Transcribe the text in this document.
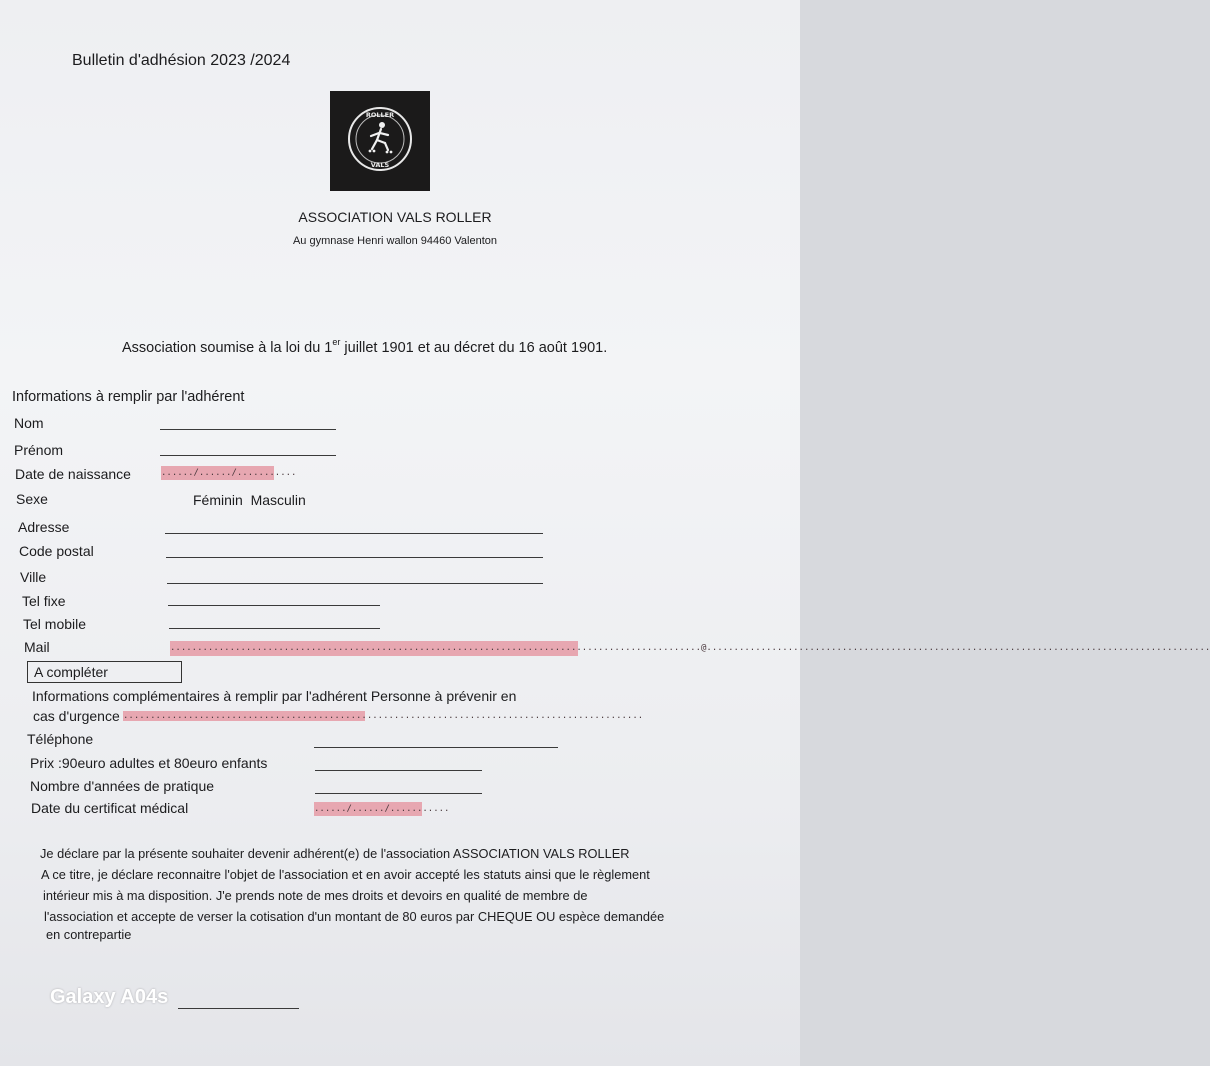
Bulletin d'adhésion 2023 /2024
ROLLER
VALS
ASSOCIATION VALS ROLLER
Au gymnase Henri wallon 94460 Valenton
Association soumise à la loi du 1er juillet 1901 et au décret du 16 août 1901.
Informations à remplir par l'adhérent
Nom
Prénom
Date de naissance	....../....../...........
Sexe	Féminin  Masculin
Adresse
Code postal
Ville
Tel fixe
Tel mobile
Mail	..................................................................................................@.............................................................................................
A compléter
Informations complémentaires à remplir par l'adhérent Personne à prévenir en
cas d'urgence ................................................................................................
Téléphone
Prix :90euro adultes et 80euro enfants
Nombre d'années de pratique
Date du certificat médical	....../....../...........
Je déclare par la présente souhaiter devenir adhérent(e) de l'association ASSOCIATION VALS ROLLER
A ce titre, je déclare reconnaitre l'objet de l'association et en avoir accepté les statuts ainsi que le règlement
intérieur mis à ma disposition. J'e prends note de mes droits et devoirs en qualité de membre de
l'association et accepte de verser la cotisation d'un montant de 80 euros par CHEQUE OU espèce demandée
en contrepartie
Galaxy A04s
